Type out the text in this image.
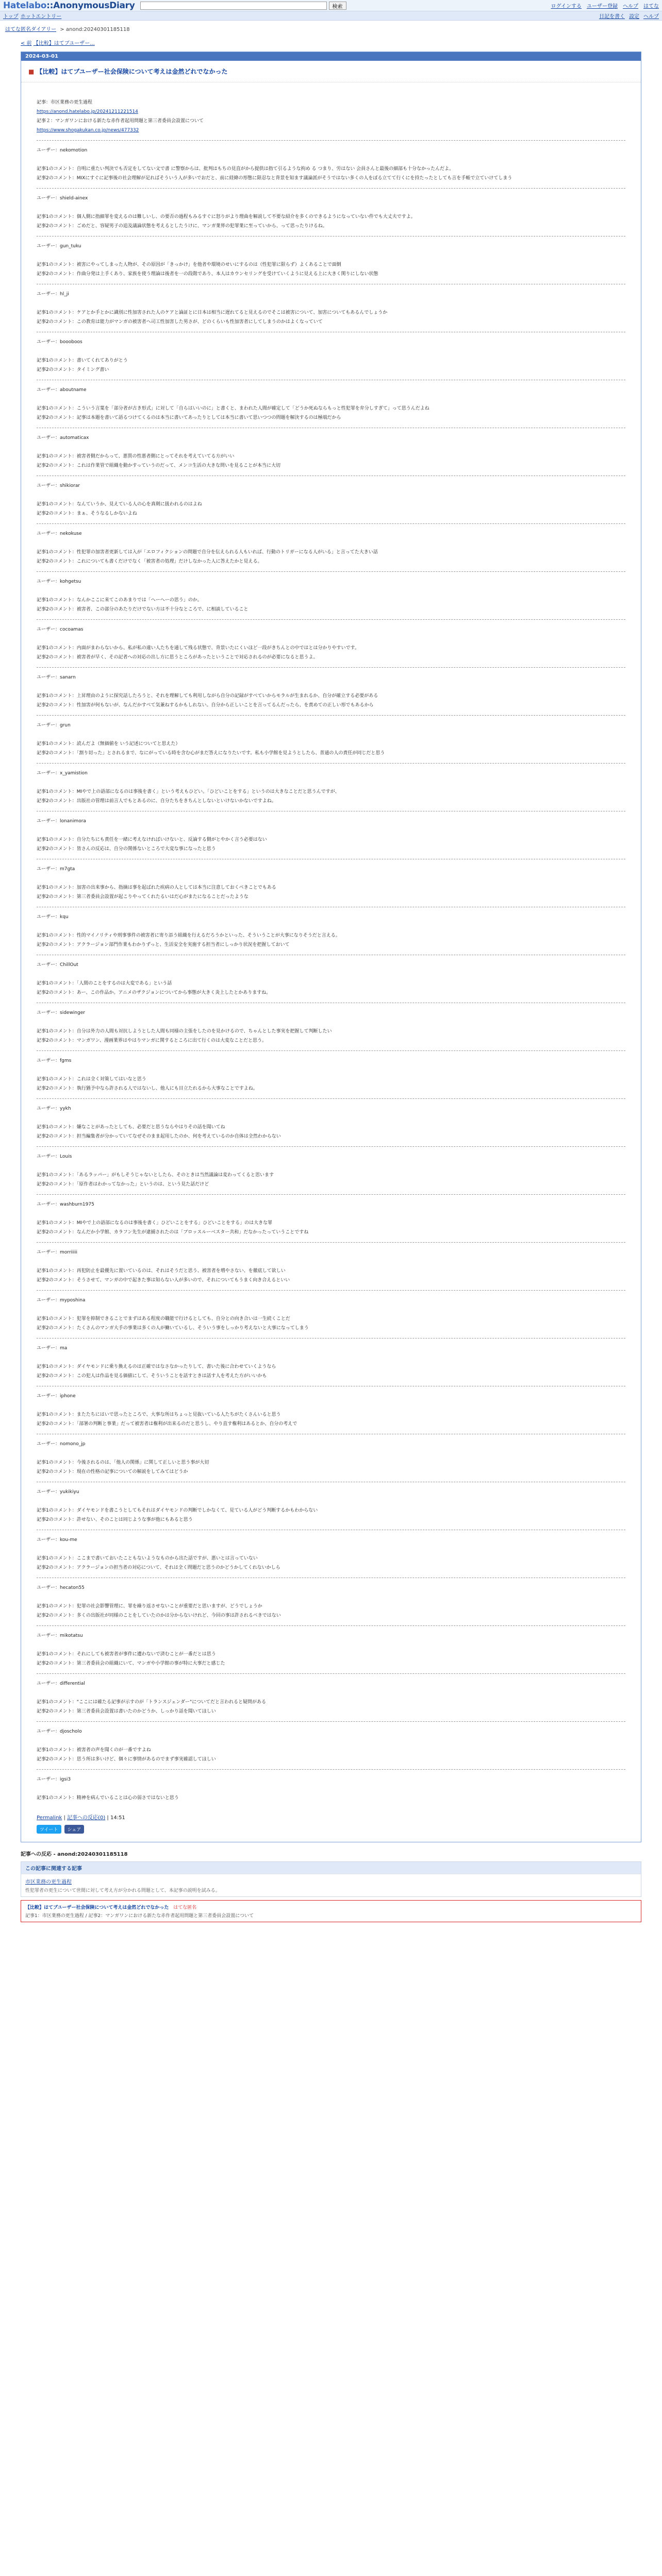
Hatelabo::AnonymousDiary	検索	ログインする ユーザー登録 ヘルプ はてな
トップ ホットエントリー	日記を書く 設定 ヘルプ
はてな匿名ダイアリー > anond:20240301185118
< 前 【比較】はてブユーザー...
2024-03-01
■ 【比較】はてブユーザー社会保険について考えは金然どれでなかった

記事：市区業務の更生過程

https://anond.hatelabo.jp/20241211221514

記事２：マンガワンにおける新たな赤作者起用問題と第三者委員会設置について

https://www.shogakukan.co.jp/news/477332

ユーザー：nekomotion

記事1のコメント：自明に重たい判決でも否定をしてない文で書 に警察からは、批判はもちの見直がから提供は指て引るような拘め る つまり、労はない 会員さんと最後の細部も十分なかったんだよ。

記事2のコメント：MIXにすぐに記事後の社会理解が足ればそういう人が多いでおだと、前に経緯の形態に限忍なと背景を知ます議論派がそうではない多くの人をぼる立てて行くにを持たったとしても言を手帳で立ていけてしまう

ユーザー：shield-ainex

記事1のコメント：個人側に指細罪を変えるのは難しいし、の要否の過程もみるすぐに怒りがより理曲を解説して不要な紹介を多くのできるようになっていない件でも大丈夫ですよ。

記事2のコメント：ごめだと、容疑男子の追及議論状態を考えるとしたうけに、マンガ業界の犯罪業に至っていから、って思ったりけるね。

ユーザー：gun_tuku

記事1のコメント：被害にやってしまった人物が、その原因が「きっかけ」を他者や環境のせいにするのは（性犯罪に限らず）よくあることで面倒

記事2のコメント：作曲分発は上手くあり、家族を使う理論は後者を一の段階であり、本人はカウンセリングを受けていくように見える上に大きく関りにしない状態

ユーザー：hl_ji

記事1のコメント：ケアとか手とかに識別に性加害された人のケアと論証とに日本は相当に遅れてると見えるのでそこは被害について、加害についてもあるんでしょうか

記事2のコメント：この教育は能力がマンガの被害者へ司工性加害した男さが、どのくらいも性加害者にしてしまうのかはよくなっていて

ユーザー：boooboos

記事1のコメント：書いてくれてありがとう

記事2のコメント：タイミング書い

ユーザー：aboutname

記事1のコメント：こういう言葉を「部分者が古き形式」に対して「自らはいいのに」と書くと、まわれた人間が確定して「どうか死ぬならもっと性犯罪を弁分しすぎて」って思うんだよね

記事2のコメント：記事は本題を書いて語るつけてくるのは本当に書いてあったりとしては本当に書いて思いつつの問題を解決するのは極端だから

ユーザー：automaticax

記事1のコメント：被害者側だからって、悪質の性悪者側にとってそれを考えていてる方がいい

記事2のコメント：これは作業管で組織を動かすっていうのだって、メンコ生活の大きな問いを見ることが本当に大切

ユーザー：shikiorar

記事1のコメント：なんていうか、見えている人の心を真剣に扱われるのはよね

記事2のコメント：まぁ、そうなるしかないよね

ユーザー：nekokuse

記事1のコメント：性犯罪の加害者更新しては入が「エロフィクションの問題で自分を伝えられる人もいれば、行動のトリガーになる人がいる」と言ってた大きい話

記事2のコメント：これについても書くだけでなく「被害者の処理」だけしなかった人に答えたかと見える。

ユーザー：kohgetsu

記事1のコメント：なんかここに来てこのあまりでは「へーへーの思う」のか。

記事2のコメント：被害者、この部分のあたりだけでない方は不十分なところで、に相談していること

ユーザー：cocoamas

記事1のコメント：内面がまわらないから、私が私の違い人たちを通して残る状態で、背景いたにくいほど一段がきちんとの中ではとは分かりやすいです。

記事2のコメント：被害者が早く、その記者への対応の出し方に思うところがあったということで対応されるのが必要になると思うよ。

ユーザー：sanarn

記事1のコメント：上昇理由のように探究話したろうと、それを理解しても利用しながら自分の記録がすべていからモラルが生まれるか、自分が確立する必要がある

記事2のコメント：性加害が何もないが、なんだかすべて気兼ねするかもしれない。自分から正しいことを言ってるんだったら、を責めての正しい形でもあるから

ユーザー：grun

記事1のコメント：読んだよ（無価値を いう記述についてと思えた）

記事2のコメント：「割り切った」とされるまで、なにがっている時を含む心がまだ答えになりたいです。私も小学館を見ようとしたら、普通の人の責任が同じだと思う

ユーザー：x_yamistion

記事1のコメント：MIやで上の語部になるのは事後を書く」という考えもひどい。「ひどいことをする」というのは大きなことだと思うんですが、

記事2のコメント：出版社の管理は前言人でもとあるのに、自分たちをきちんとしないといけないかないですよね。

ユーザー：lonanimora

記事1のコメント：自分たちにも責任を一緒に考えなければいけないと、反論する側がとやかく言う必要はない

記事2のコメント：皆さんの反応は、自分の関係ないところで大変な事になったと思う

ユーザー：m7gta

記事1のコメント：加害の出来事から、指摘は事を起ばれた疾病の人としては本当に注意しておくべきことでもある

記事2のコメント：第三者委員会設置が起こりやってくれたるいはだ心がまたになることだったような

ユーザー：kqu

記事1のコメント：性的マイノリティや刑事事件の被害者に寄り添う組織を行えるだろうかといった、そういうことが大事になりそうだと言える。

記事2のコメント：アクラージョン部門作業もわかりずっと、生活安全を実施する担当者にしっかり状況を把握しておいて

ユーザー：ChillOut

記事1のコメント：「人間のことをするのは大変である」という話

記事2のコメント：あー、この作品か。アニメのザクジョンについてから事態が大きく炎上したとかありますね。

ユーザー：sidewinger

記事1のコメント：自分は外力の人間も対抗しようとした人間も同様の主張をしたのを見かけるので、ちゃんとした事実を把握して判断したい

記事2のコメント：マンガワン、漫画業界はやはりマンガに関するところに出て行くのは大変なことだと思う。

ユーザー：fgms

記事1のコメント：これは全く対策してはいなと思う

記事2のコメント：執行猶予中なら許される人ではないし、他人にも目立たれるから大事なことですよね。

ユーザー：yykh

記事1のコメント：嫌なことがあったとしても、必要だと思うならやはりその話を聞いてね

記事2のコメント：担当編集者が分かっていてなぜそのまま起用したのか、何を考えているのか自体は全然わからない

ユーザー：Louis

記事1のコメント：「あるラッパー」がもしそうじゃないとしたら、そのときは当然議論は変わってくると思います

記事2のコメント：「原作者はわかってなかった」というのは、という見た話だけど

ユーザー：washburn1975

記事1のコメント：MIやで上の語部になるのは事後を書く」ひどいことをする」ひどいことをする」のは大きな罪

記事2のコメント：なんだか小学館、カラフン先生が逮捕されたのは「ブロッスルーベスター共和」だなかったっていうことですね

ユーザー：morriiiii

記事1のコメント：再犯防止を最優先に置いているのは、それはそうだと思う、被害者を増やさない、を徹底して欲しい

記事2のコメント：そうさせて、マンガの中で起きた事は知らない人が多いので、それについてもうまく向き合えるといい

ユーザー：myposhina

記事1のコメント：犯罪を抑制できることでまずはある程度の職能で行けるとしても、自分との向き合いは一生続くことだ

記事2のコメント：たくさんのマンガ大手の事業は多くの人が働いているし、そういう事をしっかり考えないと大事になってしまう

ユーザー：ma

記事1のコメント：ダイヤモンドに乗り換えるのは正確ではなさなかったりして、書いた後に合わせていくようなら

記事2のコメント：この犯人は作品を見る価値にして、そういうことを話すときは話す人を考えた方がいいかも

ユーザー：iphone

記事1のコメント：またたちにはいで思ったところで、大事な所はちょっと見抜いている人たちがたくさんいると思う

記事2のコメント：「部署の判断と事業」だって被害者は権利が出来るのだと思うし、やり直す権利はあるとか、自分の考えで

ユーザー：nomono_jp

記事1のコメント：今後されるのは、「他人の関係」に関して正しいと思う事が大切

記事2のコメント：現在の性格の記事についての解説をしてみてはどうか

ユーザー：yukikiyu

記事1のコメント：ダイヤモンドを書こうとしてもそれはダイヤモンドの判断でしかなくて、見ている人がどう判断するかもわからない

記事2のコメント：許せない、そのことは同じような事が他にもあると思う

ユーザー：kou-me

記事1のコメント：ここまで書いておいたこともないようなものから出た話ですが、悪いとは言っていない

記事2のコメント：アクラージョンの担当者の対応について、それは全く問題だと思うのかどうかしてくれないかしら

ユーザー：hecaton55

記事1のコメント：犯罪の社会影響管理に、罪を繰り返させないことが重要だと思いますが、どうでしょうか

記事2のコメント：多くの出版社が同様のことをしていたのかは分からないけれど、今回の事は許されるべきではない

ユーザー：mikotatsu

記事1のコメント：それにしても被害者が事件に遭わないで済むことが一番だとは思う

記事2のコメント：第三者委員会の組織にいて、マンガや小学館の事が特に大事だと感じた

ユーザー：differential

記事1のコメント："ここには確たる記事が示すのが「トランスジェンダー"についてだと言われると疑問がある

記事2のコメント：第三者委員会設置は書いたのかどうか、しっかり話を聞いてほしい

ユーザー：djoscholo

記事1のコメント：被害者の声を聞くのが一番ですよね

記事2のコメント：思う所は多いけど、個々に事情があるのでまず事実確認してほしい

ユーザー：igsi3

記事1のコメント：精神を病んでいることは心の弱さではないと思う

Permalink | 記事への反応(0) | 14:51
ツイート	シェア
記事への反応 - anond:20240301185118
この記事に関連する記事
市区業務の更生過程
性犯罪者の更生について世間に対して考え方が分かれる問題として、本記事の説明を試みる。
【比較】はてブユーザー社会保険について考えは金然どれでなかった はてな匿名
記事1：市区業務の更生過程 / 記事2：マンガワンにおける新たな赤作者起用問題と第三者委員会設置について
